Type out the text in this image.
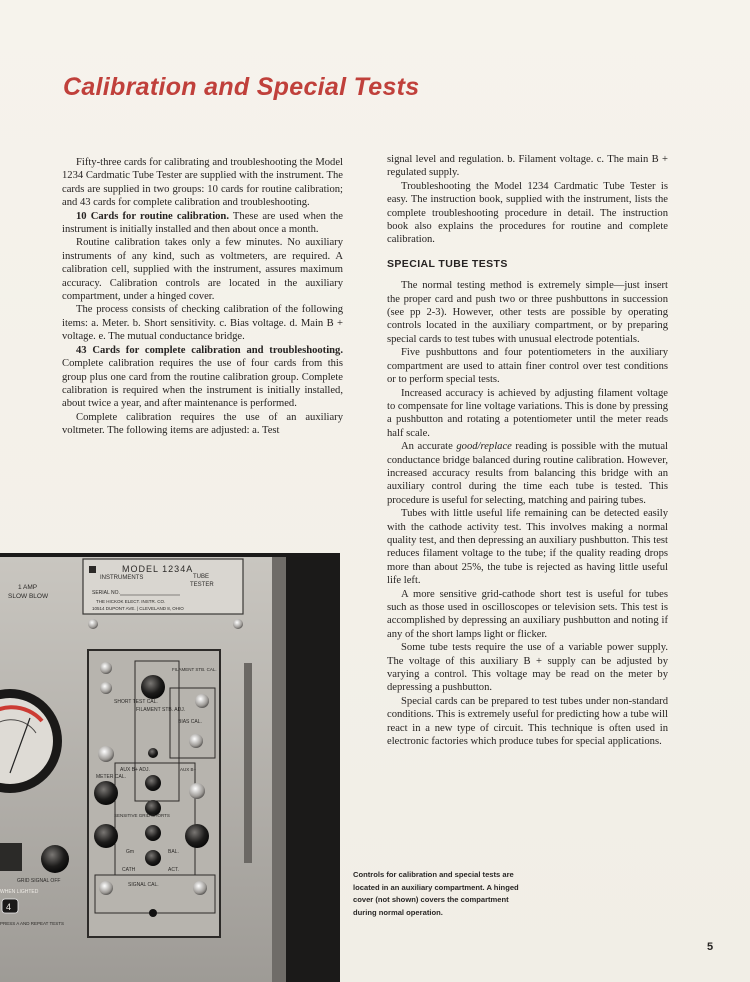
Calibration and Special Tests

Fifty-three cards for calibrating and troubleshooting the Model 1234 Cardmatic Tube Tester are supplied with the instrument. The cards are supplied in two groups: 10 cards for routine calibration; and 43 cards for complete calibration and troubleshooting.

10 Cards for routine calibration. These are used when the instrument is initially installed and then about once a month.

Routine calibration takes only a few minutes. No auxiliary instruments of any kind, such as voltmeters, are required. A calibration cell, supplied with the instrument, assures maximum accuracy. Calibration controls are located in the auxiliary compartment, under a hinged cover.

The process consists of checking calibration of the following items: a. Meter. b. Short sensitivity. c. Bias voltage. d. Main B + voltage. e. The mutual conductance bridge.

43 Cards for complete calibration and troubleshooting. Complete calibration requires the use of four cards from this group plus one card from the routine calibration group. Complete calibration is required when the instrument is initially installed, about twice a year, and after maintenance is performed.

Complete calibration requires the use of an auxiliary voltmeter. The following items are adjusted: a. Test

signal level and regulation. b. Filament voltage. c. The main B + regulated supply.

Troubleshooting the Model 1234 Cardmatic Tube Tester is easy. The instruction book, supplied with the instrument, lists the complete troubleshooting procedure in detail. The instruction book also explains the procedures for routine and complete calibration.

SPECIAL TUBE TESTS

The normal testing method is extremely simple—just insert the proper card and push two or three pushbuttons in succession (see pp 2-3). However, other tests are possible by operating controls located in the auxiliary compartment, or by preparing special cards to test tubes with unusual electrode potentials.

Five pushbuttons and four potentiometers in the auxiliary compartment are used to attain finer control over test conditions or to perform special tests.

Increased accuracy is achieved by adjusting filament voltage to compensate for line voltage variations. This is done by pressing a pushbutton and rotating a potentiometer until the meter reads half scale.

An accurate good/replace reading is possible with the mutual conductance bridge balanced during routine calibration. However, increased accuracy results from balancing this bridge with an auxiliary control during the time each tube is tested. This procedure is useful for selecting, matching and pairing tubes.

Tubes with little useful life remaining can be detected easily with the cathode activity test. This involves making a normal quality test, and then depressing an auxiliary pushbutton. This test reduces filament voltage to the tube; if the quality reading drops more than about 25%, the tube is rejected as having little useful life left.

A more sensitive grid-cathode short test is useful for tubes such as those used in oscilloscopes or television sets. This test is accomplished by depressing an auxiliary pushbutton and noting if any of the short lamps light or flicker.

Some tube tests require the use of a variable power supply. The voltage of this auxiliary B + supply can be adjusted by varying a control. This voltage may be read on the meter by depressing a pushbutton.

Special cards can be prepared to test tubes under non-standard conditions. This is extremely useful for predicting how a tube will react in a new type of circuit. This technique is often used in electronic factories which produce tubes for special applications.

MODEL 1234A
INSTRUMENTS	TUBE
TESTER
SERIAL NO.
THE HICKOK ELECT. INSTR. CO.
10514 DUPONT AVE. | CLEVELAND 8, OHIO
1 AMP
SLOW BLOW
SHORT TEST CAL.
FILAMENT STB. ADJ.
FILAMENT STB. CAL.
BIAS CAL.
METER CAL.
AUX B+ ADJ.	AUX B+
SENSITIVE GRID SHORTS
Gm	BAL.
CATH	ACT.
SIGNAL CAL.
GRID SIGNAL OFF
WHEN LIGHTED
4
PRESS A AND REPEAT TESTS
Controls for calibration and special tests are located in an auxiliary compartment. A hinged cover (not shown) covers the compartment during normal operation.
5
